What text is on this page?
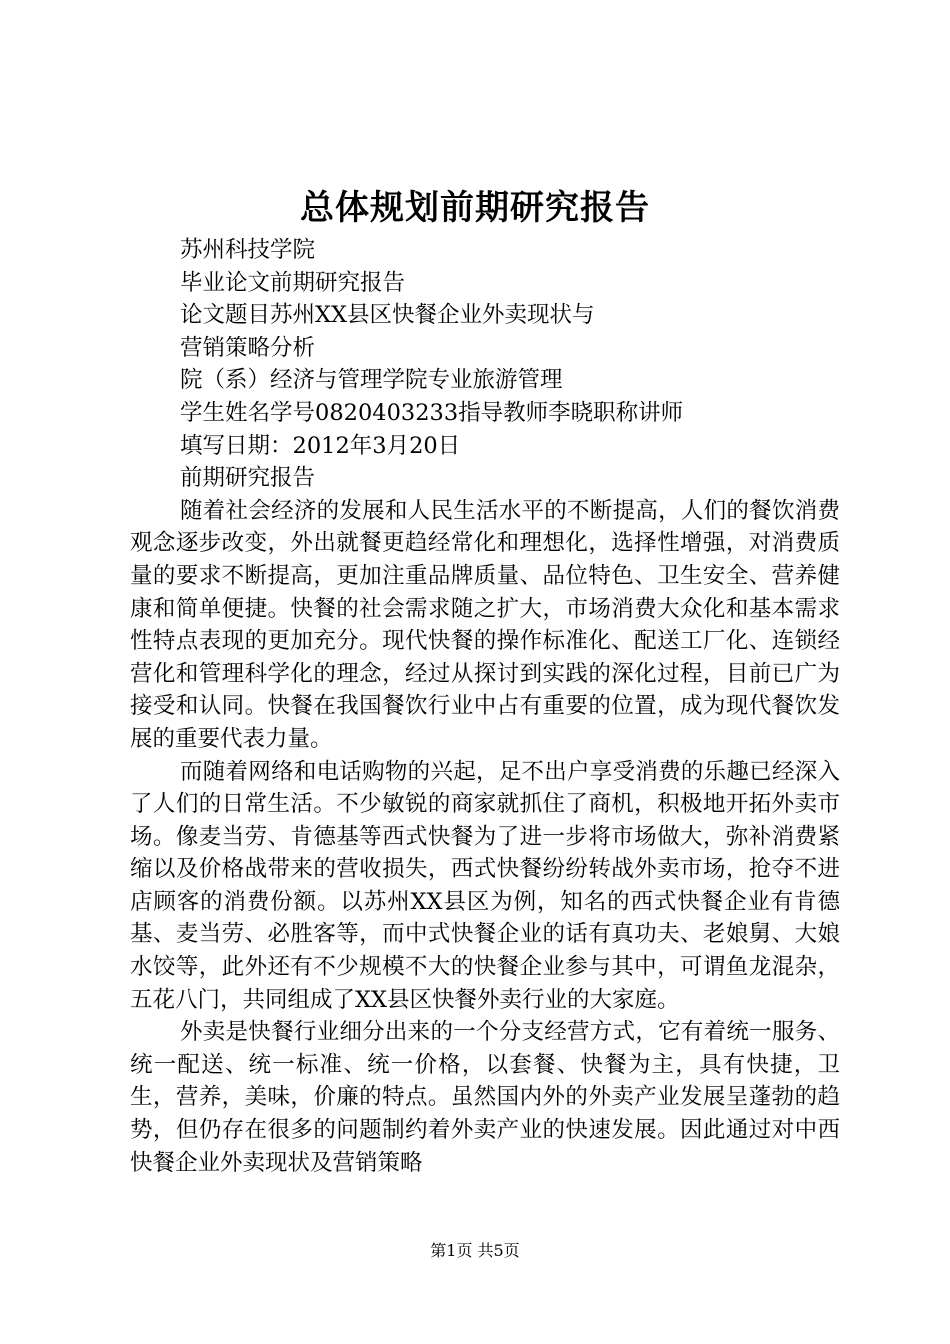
总体规划前期研究报告

苏州科技学院

毕业论文前期研究报告

论文题目苏州XX县区快餐企业外卖现状与

营销策略分析

院（系）经济与管理学院专业旅游管理

学生姓名学号0820403233指导教师李晓职称讲师

填写日期：2012年3月20日

前期研究报告

随着社会经济的发展和人民生活水平的不断提高，人们的餐饮消费观念逐步改变，外出就餐更趋经常化和理想化，选择性增强，对消费质量的要求不断提高，更加注重品牌质量、品位特色、卫生安全、营养健康和简单便捷。快餐的社会需求随之扩大，市场消费大众化和基本需求性特点表现的更加充分。现代快餐的操作标准化、配送工厂化、连锁经营化和管理科学化的理念，经过从探讨到实践的深化过程，目前已广为接受和认同。快餐在我国餐饮行业中占有重要的位置，成为现代餐饮发展的重要代表力量。

而随着网络和电话购物的兴起，足不出户享受消费的乐趣已经深入了人们的日常生活。不少敏锐的商家就抓住了商机，积极地开拓外卖市场。像麦当劳、肯德基等西式快餐为了进一步将市场做大，弥补消费紧缩以及价格战带来的营收损失，西式快餐纷纷转战外卖市场，抢夺不进店顾客的消费份额。以苏州XX县区为例，知名的西式快餐企业有肯德基、麦当劳、必胜客等，而中式快餐企业的话有真功夫、老娘舅、大娘水饺等，此外还有不少规模不大的快餐企业参与其中，可谓鱼龙混杂，五花八门，共同组成了XX县区快餐外卖行业的大家庭。

外卖是快餐行业细分出来的一个分支经营方式，它有着统一服务、统一配送、统一标准、统一价格，以套餐、快餐为主，具有快捷，卫生，营养，美味，价廉的特点。虽然国内外的外卖产业发展呈蓬勃的趋势，但仍存在很多的问题制约着外卖产业的快速发展。因此通过对中西快餐企业外卖现状及营销策略

第1页 共5页
